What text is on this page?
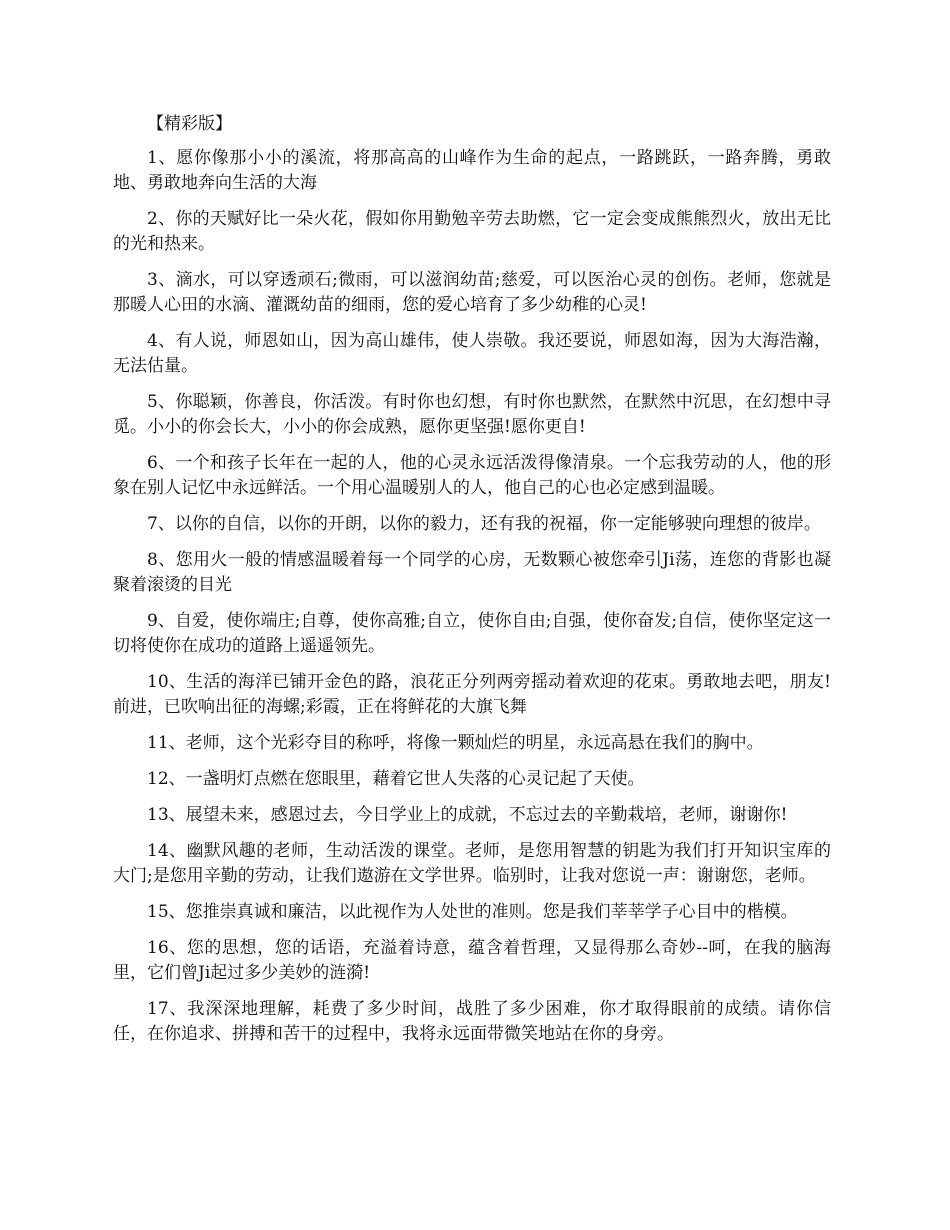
【精彩版】

1、愿你像那小小的溪流，将那高高的山峰作为生命的起点，一路跳跃，一路奔腾，勇敢地、勇敢地奔向生活的大海

2、你的天赋好比一朵火花，假如你用勤勉辛劳去助燃，它一定会变成熊熊烈火，放出无比的光和热来。

3、滴水，可以穿透顽石;微雨，可以滋润幼苗;慈爱，可以医治心灵的创伤。老师，您就是那暖人心田的水滴、灌溉幼苗的细雨，您的爱心培育了多少幼稚的心灵!

4、有人说，师恩如山，因为高山雄伟，使人崇敬。我还要说，师恩如海，因为大海浩瀚，无法估量。

5、你聪颖，你善良，你活泼。有时你也幻想，有时你也默然，在默然中沉思，在幻想中寻觅。小小的你会长大，小小的你会成熟，愿你更坚强!愿你更自!

6、一个和孩子长年在一起的人，他的心灵永远活泼得像清泉。一个忘我劳动的人，他的形象在别人记忆中永远鲜活。一个用心温暖别人的人，他自己的心也必定感到温暖。

7、以你的自信，以你的开朗，以你的毅力，还有我的祝福，你一定能够驶向理想的彼岸。

8、您用火一般的情感温暖着每一个同学的心房，无数颗心被您牵引Ji荡，连您的背影也凝聚着滚烫的目光

9、自爱，使你端庄;自尊，使你高雅;自立，使你自由;自强，使你奋发;自信，使你坚定这一切将使你在成功的道路上遥遥领先。

10、生活的海洋已铺开金色的路，浪花正分列两旁摇动着欢迎的花束。勇敢地去吧，朋友!前进，已吹响出征的海螺;彩霞，正在将鲜花的大旗飞舞

11、老师，这个光彩夺目的称呼，将像一颗灿烂的明星，永远高悬在我们的胸中。

12、一盏明灯点燃在您眼里，藉着它世人失落的心灵记起了天使。

13、展望未来，感恩过去，今日学业上的成就，不忘过去的辛勤栽培，老师，谢谢你!

14、幽默风趣的老师，生动活泼的课堂。老师，是您用智慧的钥匙为我们打开知识宝库的大门;是您用辛勤的劳动，让我们遨游在文学世界。临别时，让我对您说一声：谢谢您，老师。

15、您推崇真诚和廉洁，以此视作为人处世的准则。您是我们莘莘学子心目中的楷模。

16、您的思想，您的话语，充溢着诗意，蕴含着哲理，又显得那么奇妙--呵，在我的脑海里，它们曾Ji起过多少美妙的涟漪!

17、我深深地理解，耗费了多少时间，战胜了多少困难，你才取得眼前的成绩。请你信任，在你追求、拼搏和苦干的过程中，我将永远面带微笑地站在你的身旁。
